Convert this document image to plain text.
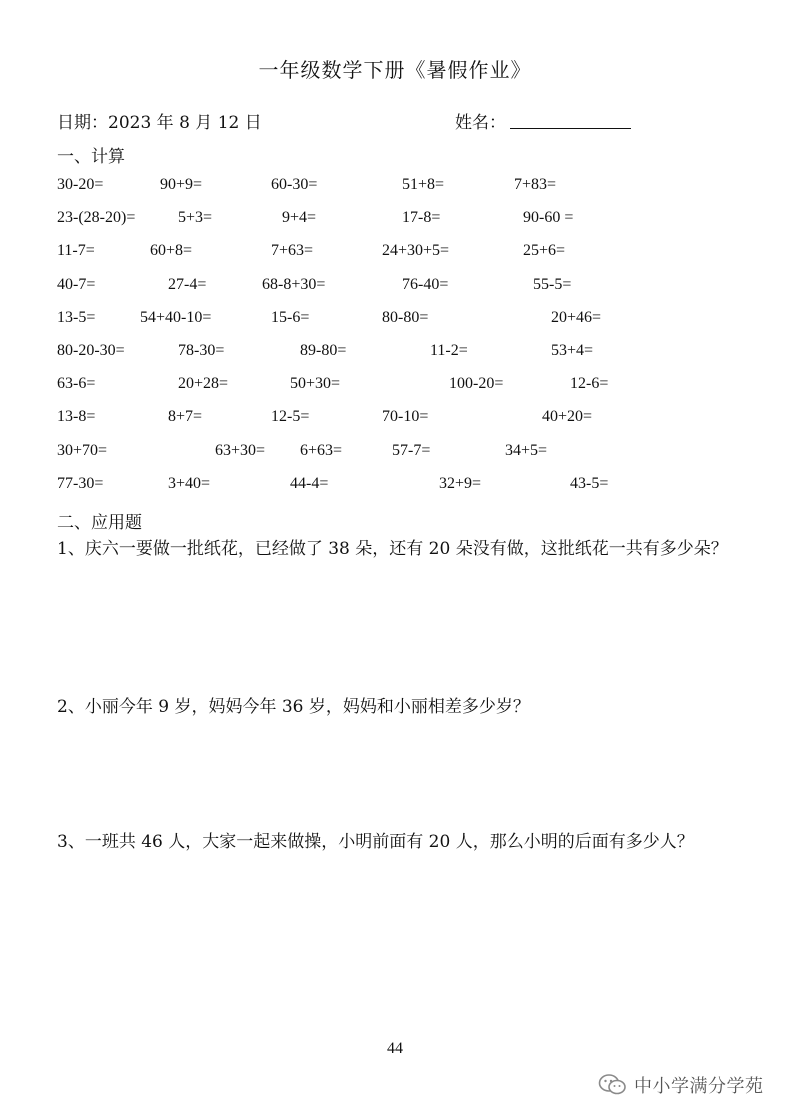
一年级数学下册《暑假作业》
日期：2023 年 8 月 12 日	姓名：
一、计算
30-20=	90+9=	60-30=	51+8=	7+83=
23-(28-20)=	5+3=	9+4=	17-8=	90-60 =
11-7=	60+8=	7+63=	24+30+5=	25+6=
40-7=	27-4=	68-8+30=	76-40=	55-5=
13-5=	54+40-10=	15-6=	80-80=	20+46=
80-20-30=	78-30=	89-80=	11-2=	53+4=
63-6=	20+28=	50+30=	100-20=	12-6=
13-8=	8+7=	12-5=	70-10=	40+20=
30+70=	63+30= 6+63=	57-7=	34+5=
77-30=	3+40=	44-4=	32+9=	43-5=
二、应用题
1、庆六一要做一批纸花，已经做了 38 朵，还有 20 朵没有做，这批纸花一共有多少朵？
2、小丽今年 9 岁，妈妈今年 36 岁，妈妈和小丽相差多少岁？
3、一班共 46 人，大家一起来做操，小明前面有 20 人，那么小明的后面有多少人？
44
中小学满分学苑
